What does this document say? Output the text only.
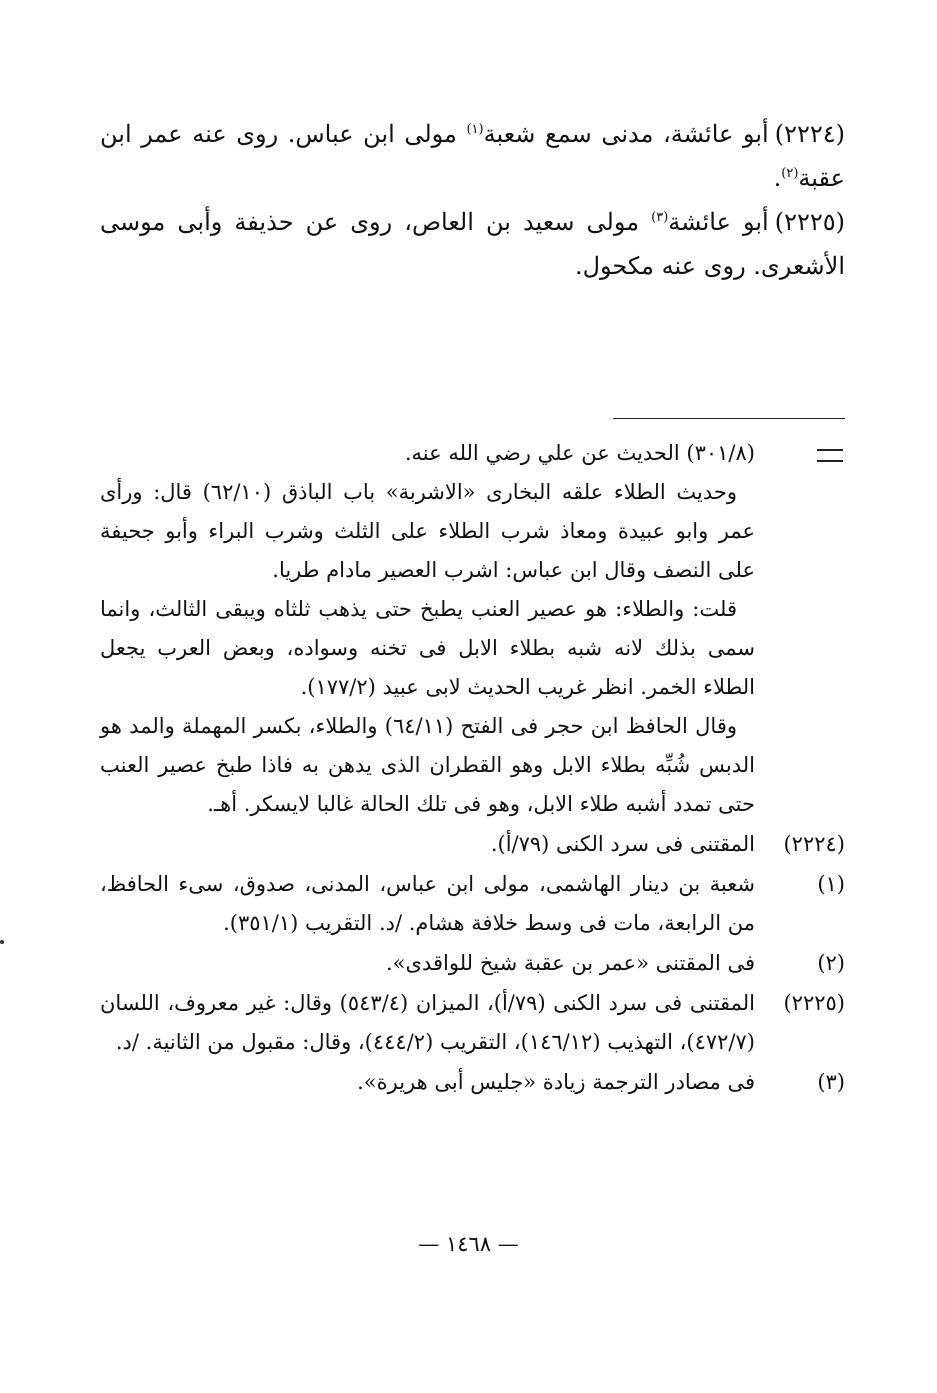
(٢٢٢٤)أبو عائشة، مدنى سمع شعبة$^{(١)}$ مولى ابن عباس. روى عنه عمر ابن عقبة$^{(٢)}$.

(٢٢٢٥)أبو عائشة$^{(٣)}$ مولى سعيد بن العاص، روى عن حذيفة وأبى موسى الأشعرى. روى عنه مكحول.

(٣٠١/٨) الحديث عن علي رضي الله عنه.

وحديث الطلاء علقه البخارى «الاشربة» باب الباذق (٦٢/١٠) قال: ورأى عمر وابو عبيدة ومعاذ شرب الطلاء على الثلث وشرب البراء وأبو جحيفة على النصف وقال ابن عباس: اشرب العصير مادام طريا.

قلت: والطلاء: هو عصير العنب يطبخ حتى يذهب ثلثاه ويبقى الثالث، وانما سمى بذلك لانه شبه بطلاء الابل فى تخنه وسواده، وبعض العرب يجعل الطلاء الخمر. انظر غريب الحديث لابى عبيد (١٧٧/٢).

وقال الحافظ ابن حجر فى الفتح (٦٤/١١) والطلاء، بكسر المهملة والمد هو الدبس شُبِّه بطلاء الابل وهو القطران الذى يدهن به فاذا طبخ عصير العنب حتى تمدد أشبه طلاء الابل، وهو فى تلك الحالة غالبا لايسكر. أهـ.

(٢٢٢٤)

المقتنى فى سرد الكنى (٧٩/أ).

(١)

شعبة بن دينار الهاشمى، مولى ابن عباس، المدنى، صدوق، سىء الحافظ، من الرابعة، مات فى وسط خلافة هشام. /د. التقريب (٣٥١/١).

(٢)

فى المقتنى «عمر بن عقبة شيخ للواقدى».

(٢٢٢٥)

المقتنى فى سرد الكنى (٧٩/أ)، الميزان (٥٤٣/٤) وقال: غير معروف، اللسان (٤٧٢/٧)، التهذيب (١٤٦/١٢)، التقريب (٤٤٤/٢)، وقال: مقبول من الثانية. /د.

(٣)

فى مصادر الترجمة زيادة «جليس أبى هريرة».

— ١٤٦٨ —
